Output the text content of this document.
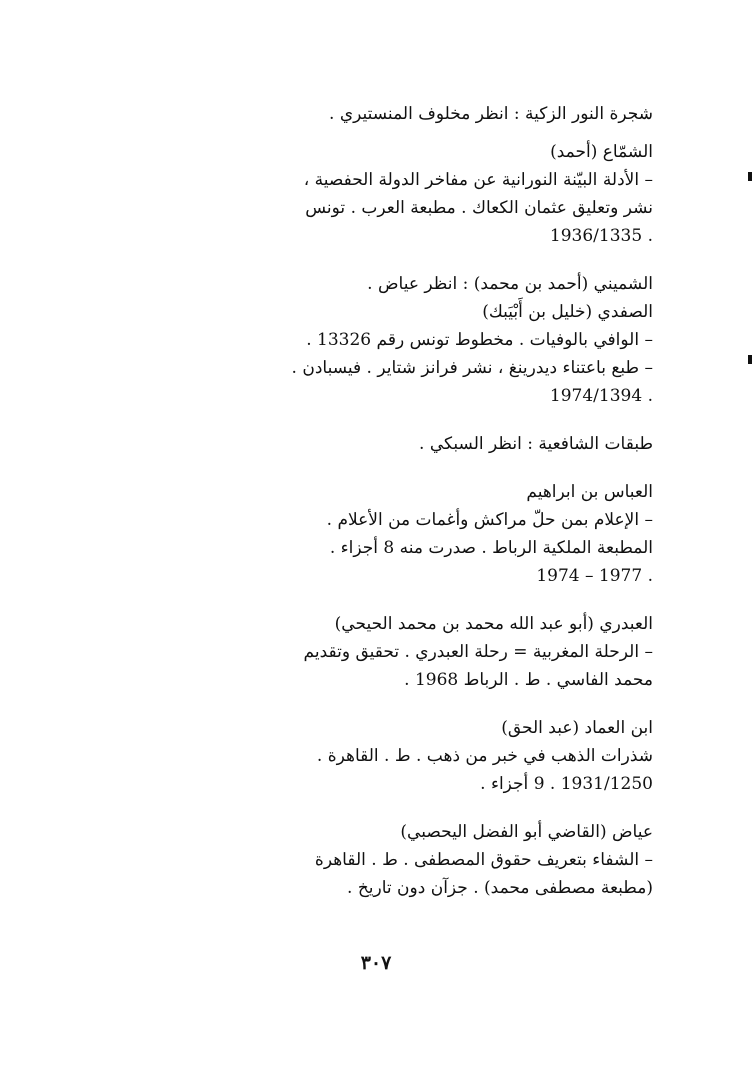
شجرة النور الزكية : انظر مخلوف المنستيري .
الشمّاع (أحمد)
– الأدلة البيّنة النورانية عن مفاخر الدولة الحفصية ،
نشر وتعليق عثمان الكعاك . مطبعة العرب . تونس
. 1936/1335
الشميني (أحمد بن محمد) : انظر عياض .
الصفدي (خليل بن أَبْيَبك)
– الوافي بالوفيات . مخطوط تونس رقم 13326 .
– طبع باعتناء ديدرينغ ، نشر فرانز شتاير . فيسبادن .
. 1974/1394
طبقات الشافعية : انظر السبكي .
العباس بن ابراهيم
– الإعلام بمن حلّ مراكش وأغمات من الأعلام .
المطبعة الملكية الرباط . صدرت منه 8 أجزاء .
. 1977 – 1974
العبدري (أبو عبد الله محمد بن محمد الحيحي)
– الرحلة المغربية = رحلة العبدري . تحقيق وتقديم
محمد الفاسي . ط . الرباط 1968 .
ابن العماد (عبد الحق)
شذرات الذهب في خبر من ذهب . ط . القاهرة .
1931/1250 . 9 أجزاء .
عياض (القاضي أبو الفضل اليحصبي)
– الشفاء بتعريف حقوق المصطفى . ط . القاهرة
(مطبعة مصطفى محمد) . جزآن دون تاريخ .
٣٠٧
